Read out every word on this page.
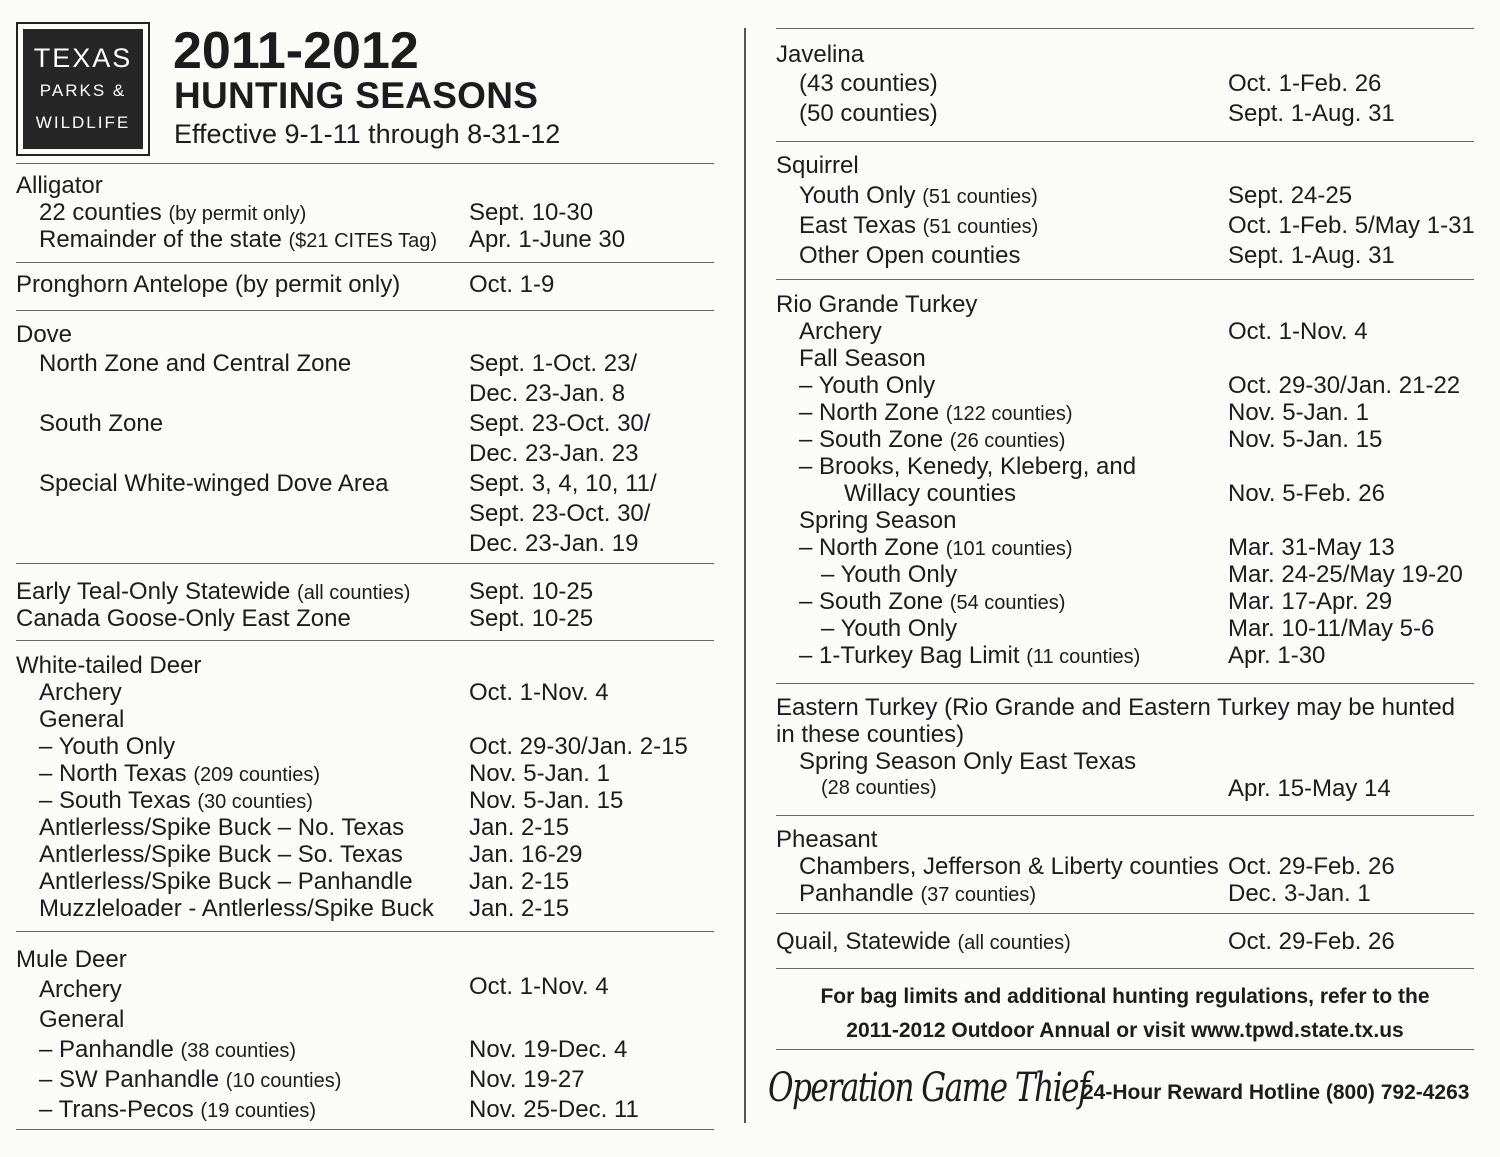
TEXAS
PARKS &
WILDLIFE
2011-2012
HUNTING SEASONS
Effective 9-1-11 through 8-31-12
Alligator
22 counties (by permit only)	Sept. 10-30
Remainder of the state ($21 CITES Tag) Apr. 1-June 30
Pronghorn Antelope (by permit only)	Oct. 1-9
Dove
North Zone and Central Zone	Sept. 1-Oct. 23/
Dec. 23-Jan. 8
South Zone	Sept. 23-Oct. 30/
Dec. 23-Jan. 23
Special White-winged Dove Area	Sept. 3, 4, 10, 11/
Sept. 23-Oct. 30/
Dec. 23-Jan. 19
Early Teal-Only Statewide (all counties) Sept. 10-25
Canada Goose-Only East Zone	Sept. 10-25
White-tailed Deer
Archery	Oct. 1-Nov. 4
General
– Youth Only	Oct. 29-30/Jan. 2-15
– North Texas (209 counties)	Nov. 5-Jan. 1
– South Texas (30 counties)	Nov. 5-Jan. 15
Antlerless/Spike Buck – No. Texas	Jan. 2-15
Antlerless/Spike Buck – So. Texas	Jan. 16-29
Antlerless/Spike Buck – Panhandle Jan. 2-15
Muzzleloader - Antlerless/Spike Buck Jan. 2-15
Mule Deer
Archery	Oct. 1-Nov. 4
General
– Panhandle (38 counties)	Nov. 19-Dec. 4
– SW Panhandle (10 counties)	Nov. 19-27
– Trans-Pecos (19 counties)	Nov. 25-Dec. 11
Javelina
(43 counties)	Oct. 1-Feb. 26
(50 counties)	Sept. 1-Aug. 31
Squirrel
Youth Only (51 counties)	Sept. 24-25
East Texas (51 counties)	Oct. 1-Feb. 5/May 1-31
Other Open counties	Sept. 1-Aug. 31
Rio Grande Turkey
Archery	Oct. 1-Nov. 4
Fall Season
– Youth Only	Oct. 29-30/Jan. 21-22
– North Zone (122 counties)	Nov. 5-Jan. 1
– South Zone (26 counties)	Nov. 5-Jan. 15
– Brooks, Kenedy, Kleberg, and
Willacy counties	Nov. 5-Feb. 26
Spring Season
– North Zone (101 counties)	Mar. 31-May 13
– Youth Only	Mar. 24-25/May 19-20
– South Zone (54 counties)	Mar. 17-Apr. 29
– Youth Only	Mar. 10-11/May 5-6
– 1-Turkey Bag Limit (11 counties)	Apr. 1-30
Eastern Turkey (Rio Grande and Eastern Turkey may be hunted
in these counties)
Spring Season Only East Texas
(28 counties)	Apr. 15-May 14
Pheasant
Chambers, Jefferson & Liberty counties Oct. 29-Feb. 26
Panhandle (37 counties)	Dec. 3-Jan. 1
Quail, Statewide (all counties)	Oct. 29-Feb. 26
For bag limits and additional hunting regulations, refer to the
2011-2012 Outdoor Annual or visit www.tpwd.state.tx.us
Operation Game Thief
24-Hour Reward Hotline (800) 792-4263
